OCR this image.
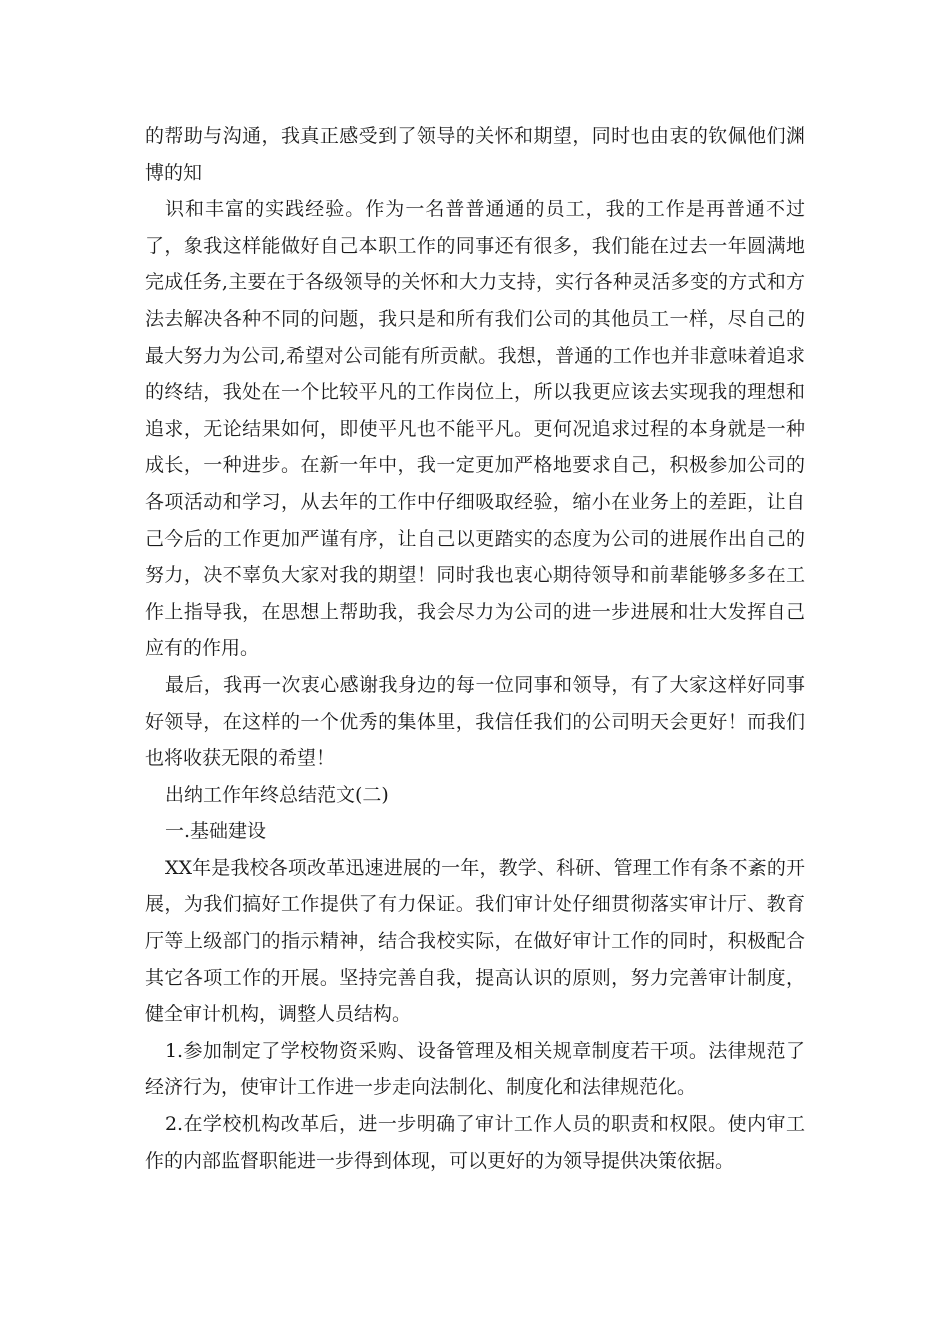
的帮助与沟通，我真正感受到了领导的关怀和期望，同时也由衷的钦佩他们渊博的知

识和丰富的实践经验。作为一名普普通通的员工，我的工作是再普通不过了，象我这样能做好自己本职工作的同事还有很多，我们能在过去一年圆满地完成任务,主要在于各级领导的关怀和大力支持，实行各种灵活多变的方式和方法去解决各种不同的问题，我只是和所有我们公司的其他员工一样，尽自己的最大努力为公司,希望对公司能有所贡献。我想，普通的工作也并非意味着追求的终结，我处在一个比较平凡的工作岗位上，所以我更应该去实现我的理想和追求，无论结果如何，即使平凡也不能平凡。更何况追求过程的本身就是一种成长，一种进步。在新一年中，我一定更加严格地要求自己，积极参加公司的各项活动和学习，从去年的工作中仔细吸取经验，缩小在业务上的差距，让自己今后的工作更加严谨有序，让自己以更踏实的态度为公司的进展作出自己的努力，决不辜负大家对我的期望！同时我也衷心期待领导和前辈能够多多在工作上指导我，在思想上帮助我，我会尽力为公司的进一步进展和壮大发挥自己应有的作用。

最后，我再一次衷心感谢我身边的每一位同事和领导，有了大家这样好同事好领导，在这样的一个优秀的集体里，我信任我们的公司明天会更好！而我们也将收获无限的希望！

出纳工作年终总结范文(二)

一.基础建设

XX年是我校各项改革迅速进展的一年，教学、科研、管理工作有条不紊的开展，为我们搞好工作提供了有力保证。我们审计处仔细贯彻落实审计厅、教育厅等上级部门的指示精神，结合我校实际，在做好审计工作的同时，积极配合其它各项工作的开展。坚持完善自我，提高认识的原则，努力完善审计制度，健全审计机构，调整人员结构。

1.参加制定了学校物资采购、设备管理及相关规章制度若干项。法律规范了经济行为，使审计工作进一步走向法制化、制度化和法律规范化。

2.在学校机构改革后，进一步明确了审计工作人员的职责和权限。使内审工作的内部监督职能进一步得到体现，可以更好的为领导提供决策依据。
